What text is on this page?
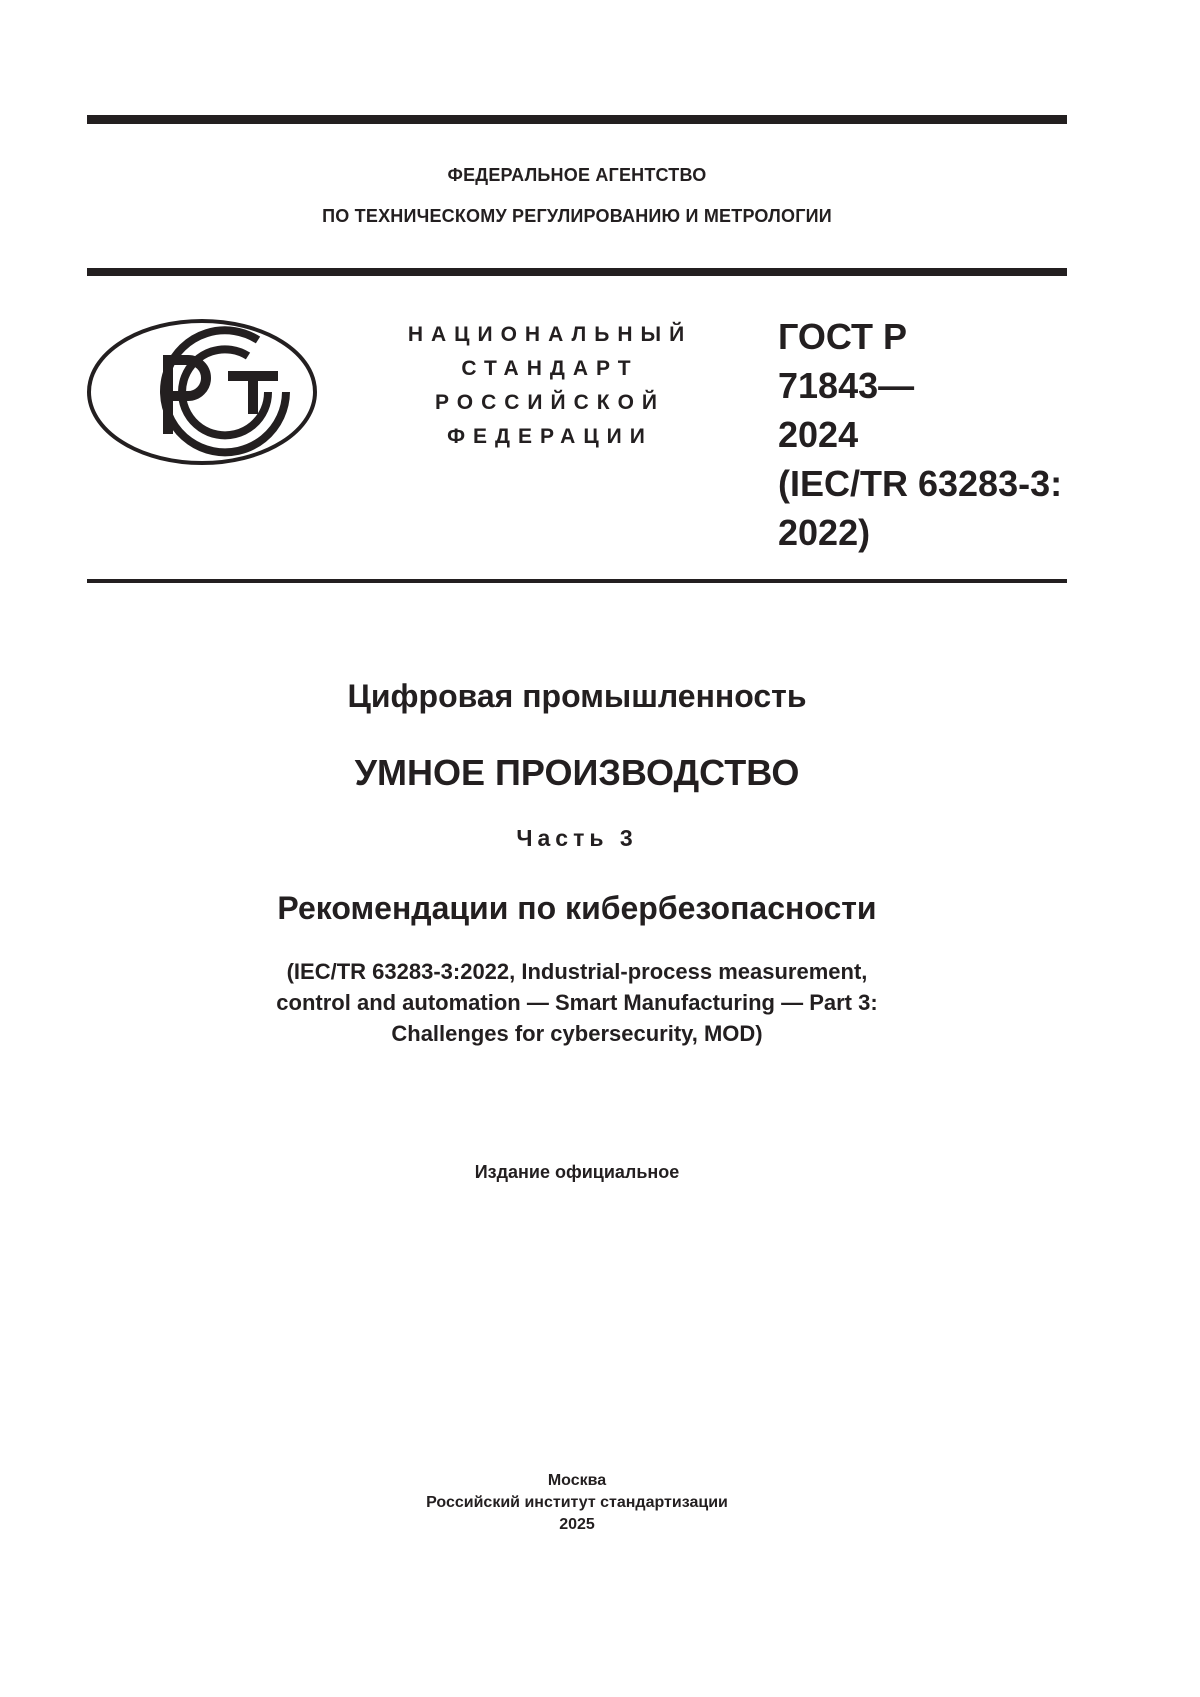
ФЕДЕРАЛЬНОЕ АГЕНТСТВО
ПО ТЕХНИЧЕСКОМУ РЕГУЛИРОВАНИЮ И МЕТРОЛОГИИ
НАЦИОНАЛЬНЫЙ
СТАНДАРТ
РОССИЙСКОЙ
ФЕДЕРАЦИИ
ГОСТ Р
71843—
2024
(IEC/TR 63283-3:
2022)
Цифровая промышленность
УМНОЕ ПРОИЗВОДСТВО
Часть 3
Рекомендации по кибербезопасности
(IEC/TR 63283-3:2022, Industrial-process measurement,
control and automation — Smart Manufacturing — Part 3:
Challenges for cybersecurity, MOD)
Издание официальное
Москва
Российский институт стандартизации
2025
